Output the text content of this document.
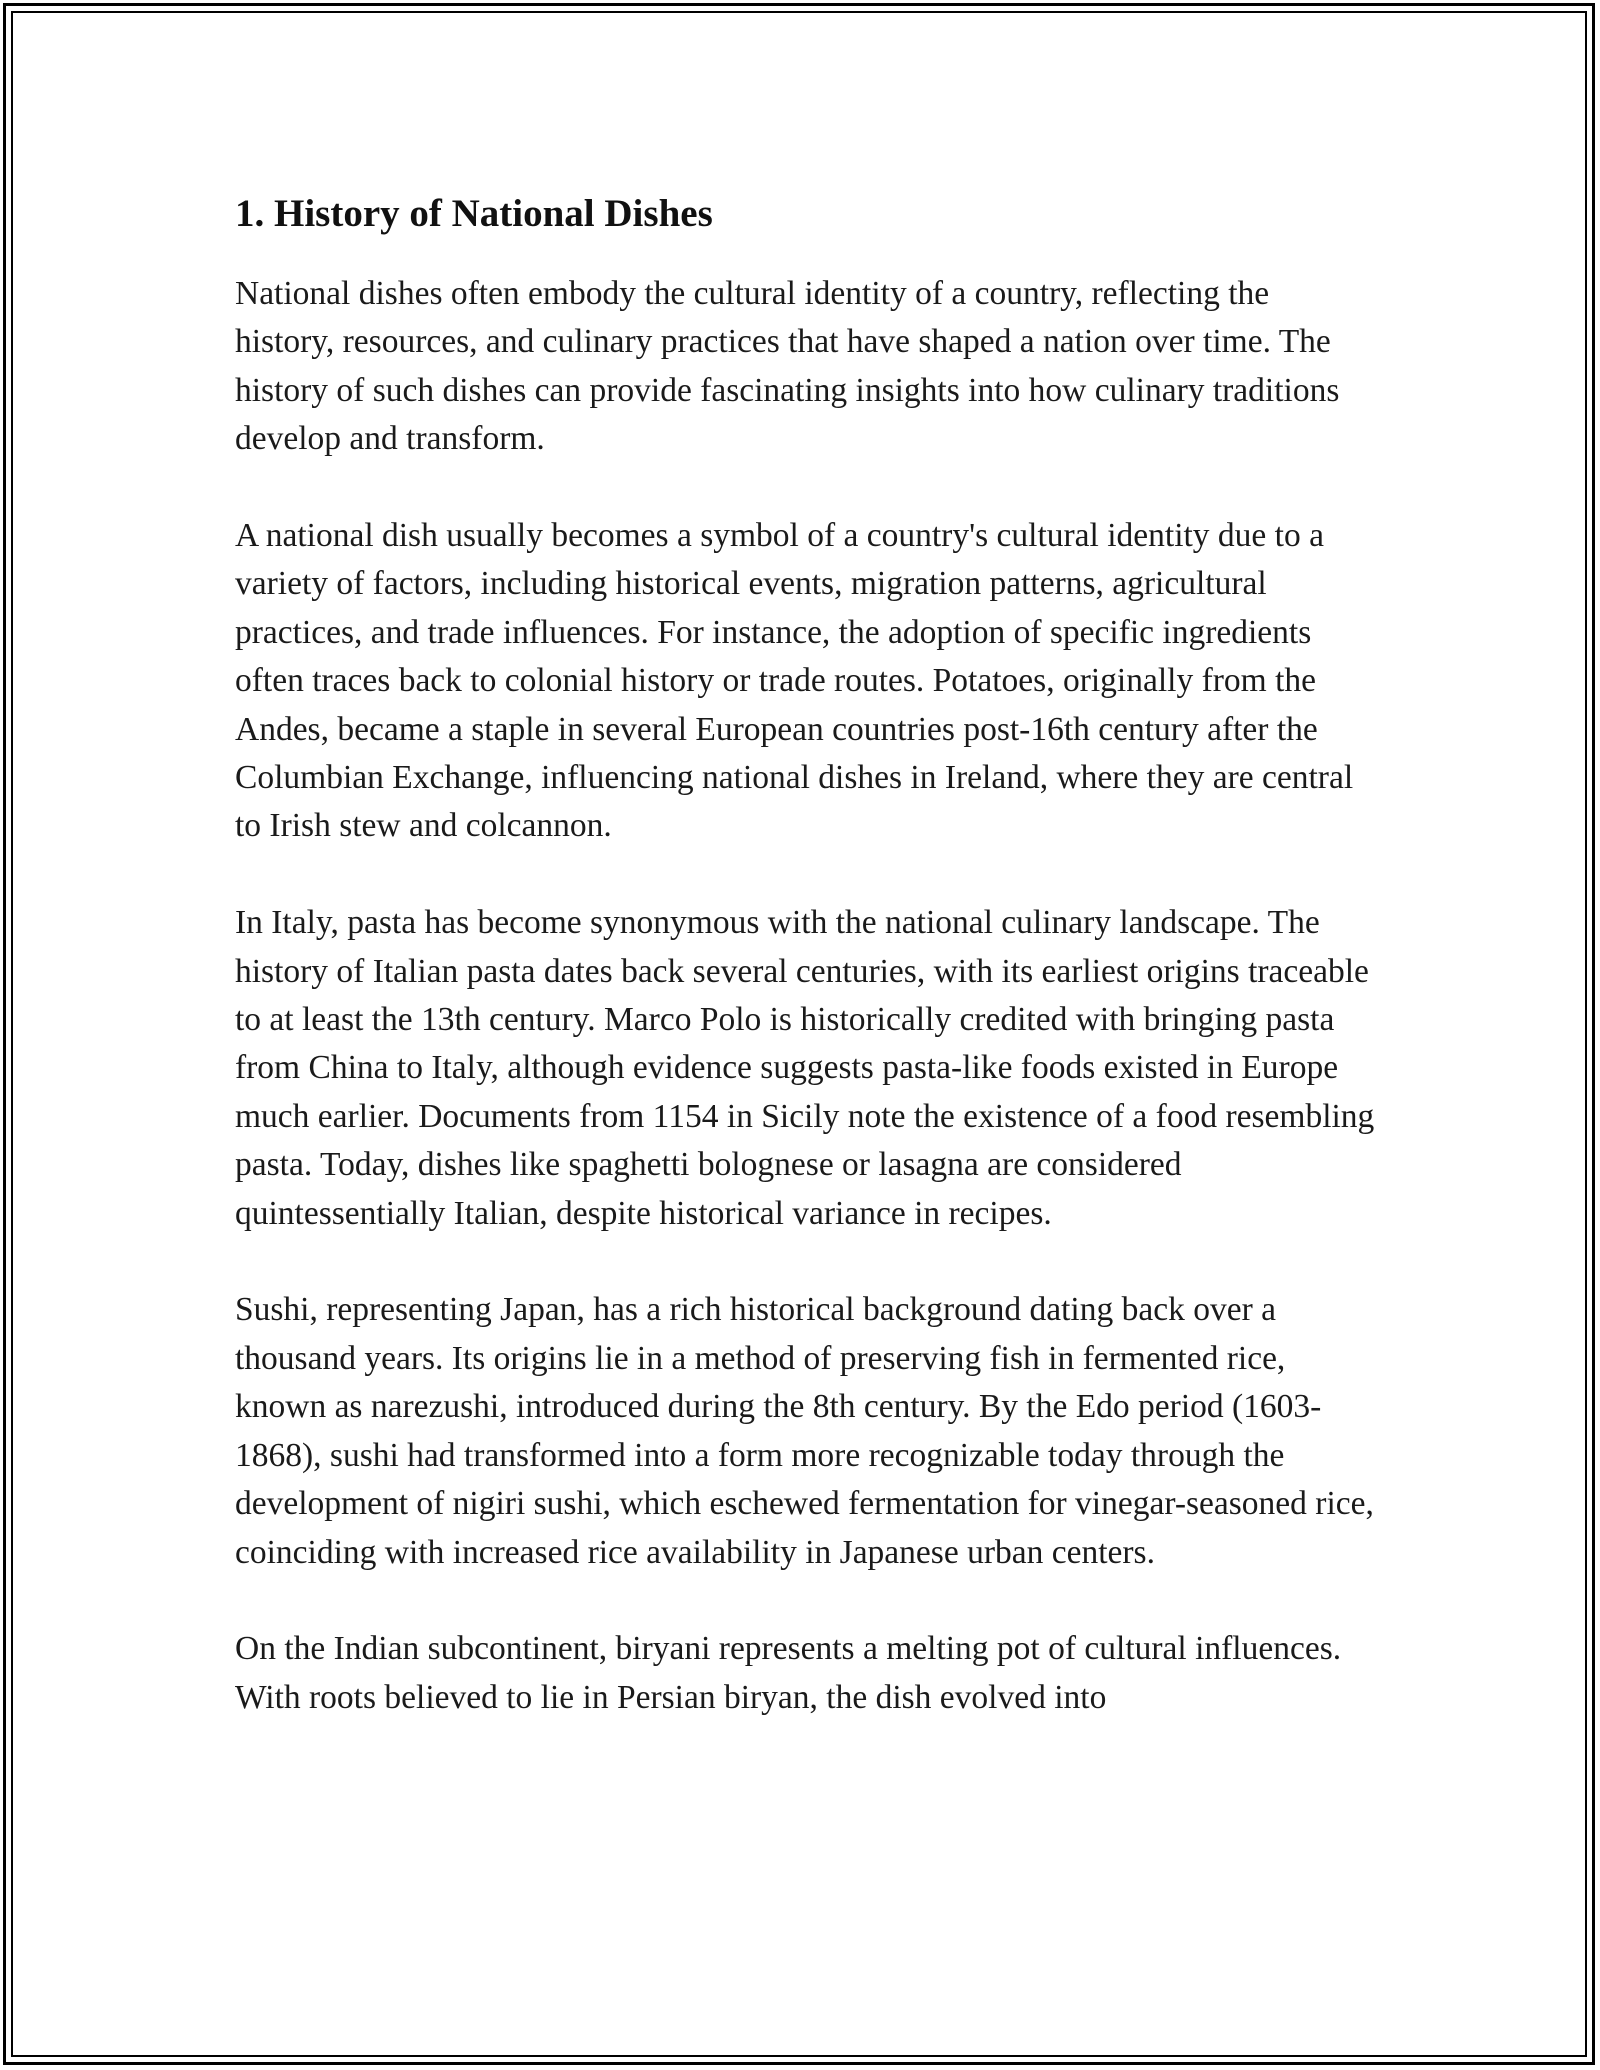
1. History of National Dishes

National dishes often embody the cultural identity of a country, reflecting the history, resources, and culinary practices that have shaped a nation over time. The history of such dishes can provide fascinating insights into how culinary traditions develop and transform.

A national dish usually becomes a symbol of a country's cultural identity due to a variety of factors, including historical events, migration patterns, agricultural practices, and trade influences. For instance, the adoption of specific ingredients often traces back to colonial history or trade routes. Potatoes, originally from the Andes, became a staple in several European countries post-16th century after the Columbian Exchange, influencing national dishes in Ireland, where they are central to Irish stew and colcannon.

In Italy, pasta has become synonymous with the national culinary landscape. The history of Italian pasta dates back several centuries, with its earliest origins traceable to at least the 13th century. Marco Polo is historically credited with bringing pasta from China to Italy, although evidence suggests pasta-like foods existed in Europe much earlier. Documents from 1154 in Sicily note the existence of a food resembling pasta. Today, dishes like spaghetti bolognese or lasagna are considered quintessentially Italian, despite historical variance in recipes.

Sushi, representing Japan, has a rich historical background dating back over a thousand years. Its origins lie in a method of preserving fish in fermented rice, known as narezushi, introduced during the 8th century. By the Edo period (1603-1868), sushi had transformed into a form more recognizable today through the development of nigiri sushi, which eschewed fermentation for vinegar-seasoned rice, coinciding with increased rice availability in Japanese urban centers.

On the Indian subcontinent, biryani represents a melting pot of cultural influences. With roots believed to lie in Persian biryan, the dish evolved into
